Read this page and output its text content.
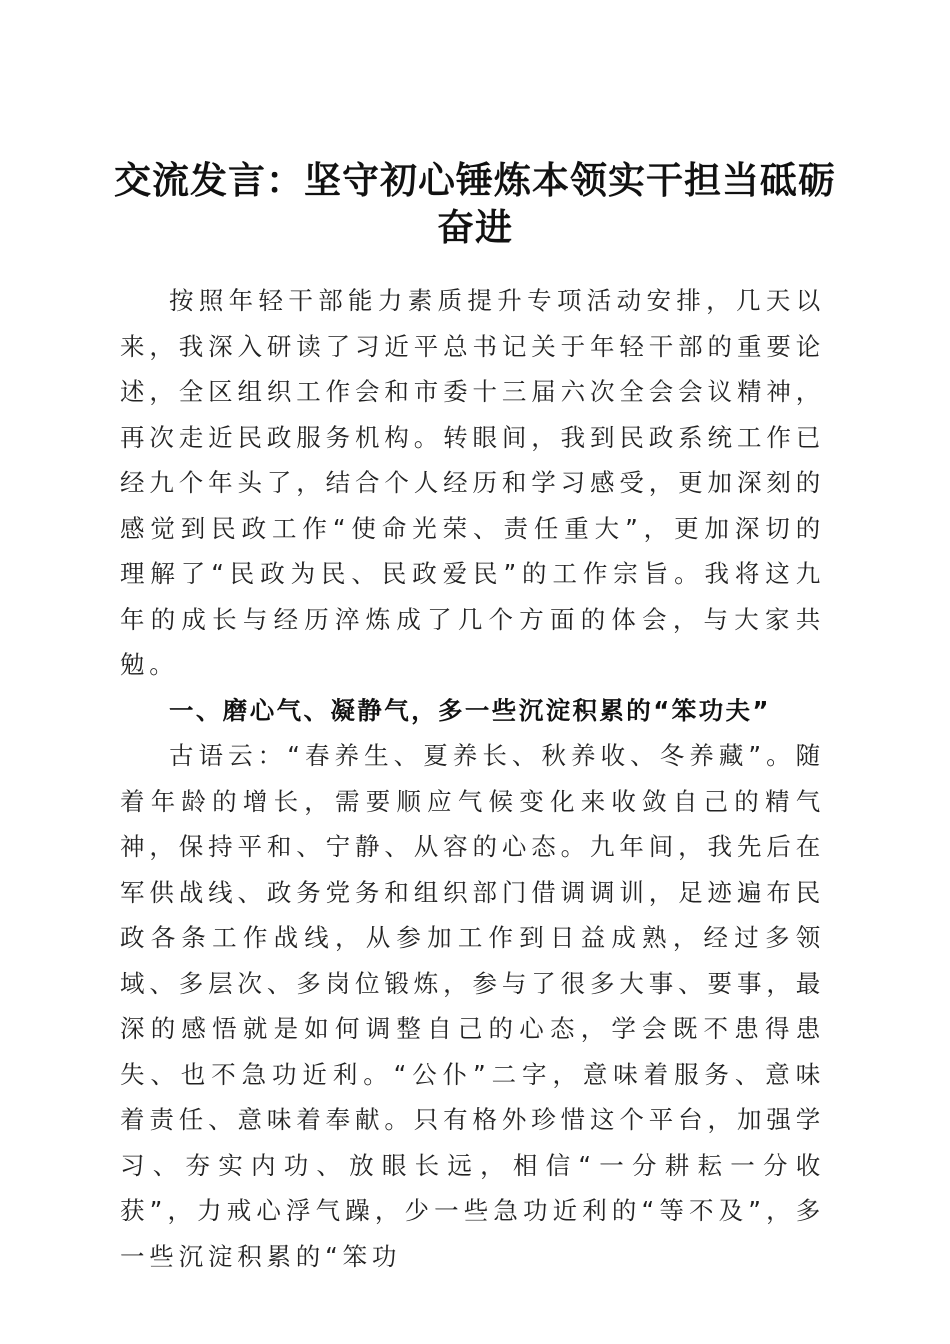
交流发言：坚守初心锤炼本领实干担当砥砺奋进

按照年轻干部能力素质提升专项活动安排，几天以来，我深入研读了习近平总书记关于年轻干部的重要论述，全区组织工作会和市委十三届六次全会会议精神，再次走近民政服务机构。转眼间，我到民政系统工作已经九个年头了，结合个人经历和学习感受，更加深刻的感觉到民政工作“使命光荣、责任重大”，更加深切的理解了“民政为民、民政爱民”的工作宗旨。我将这九年的成长与经历淬炼成了几个方面的体会，与大家共勉。

一、磨心气、凝静气，多一些沉淀积累的“笨功夫”

古语云：“春养生、夏养长、秋养收、冬养藏”。随着年龄的增长，需要顺应气候变化来收敛自己的精气神，保持平和、宁静、从容的心态。九年间，我先后在军供战线、政务党务和组织部门借调调训，足迹遍布民政各条工作战线，从参加工作到日益成熟，经过多领域、多层次、多岗位锻炼，参与了很多大事、要事，最深的感悟就是如何调整自己的心态，学会既不患得患失、也不急功近利。“公仆”二字，意味着服务、意味着责任、意味着奉献。只有格外珍惜这个平台，加强学习、夯实内功、放眼长远，相信“一分耕耘一分收获”，力戒心浮气躁，少一些急功近利的“等不及”，多一些沉淀积累的“笨功
